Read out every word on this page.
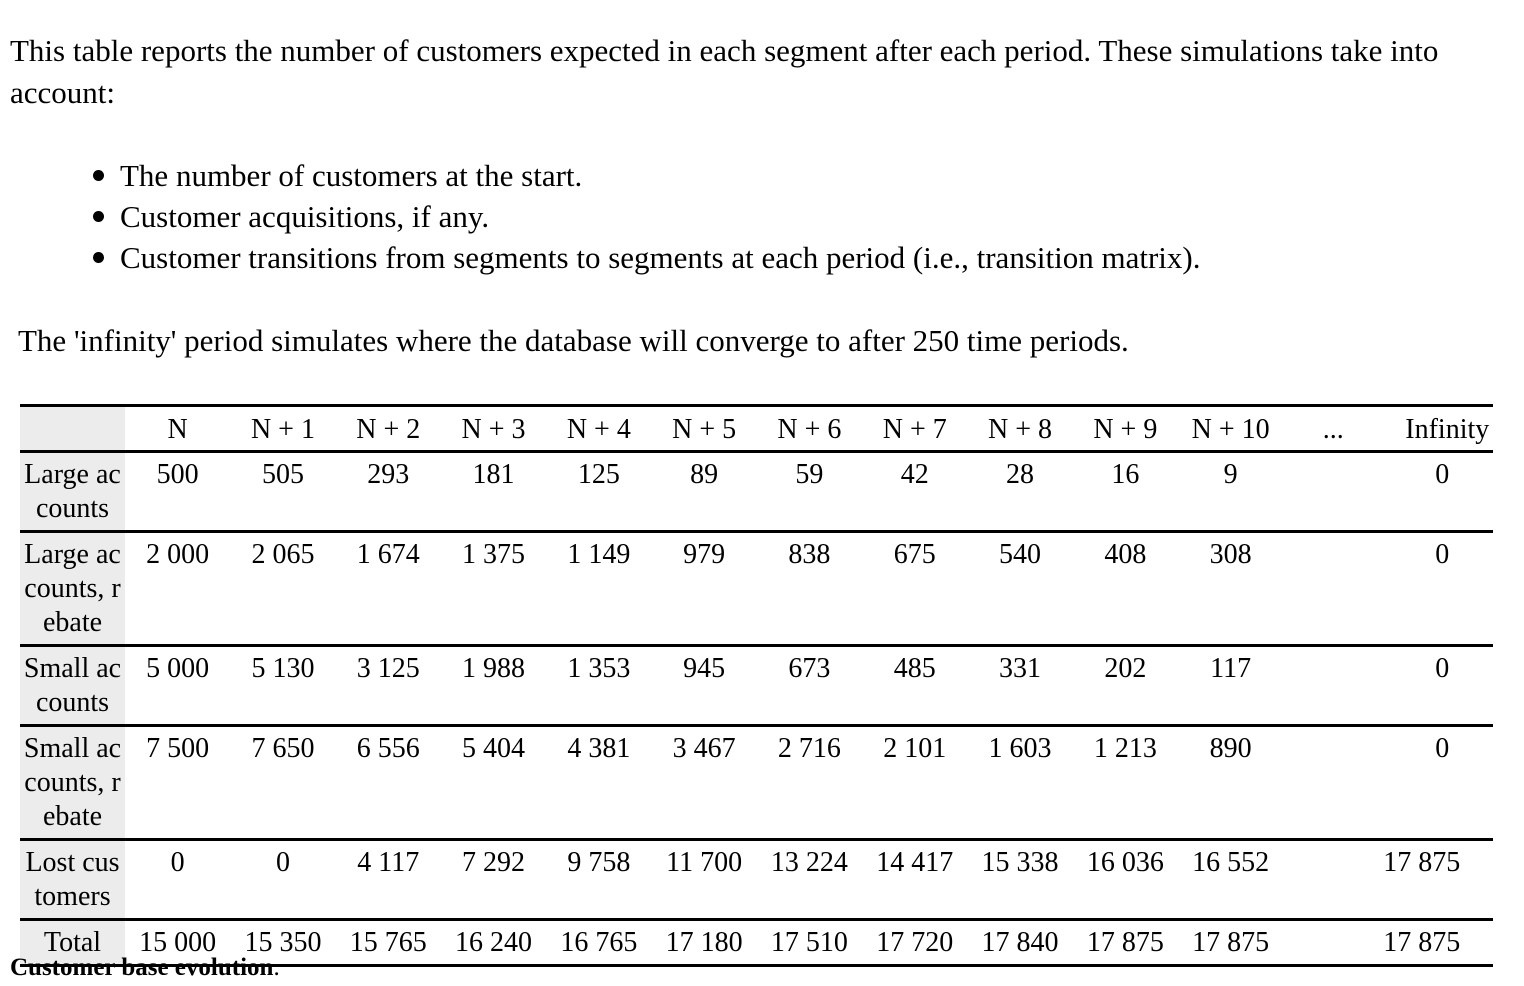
This table reports the number of customers expected in each segment after each period. These simulations take into account:

The number of customers at the start.
Customer acquisitions, if any.
Customer transitions from segments to segments at each period (i.e., transition matrix).

The 'infinity' period simulates where the database will converge to after 250 time periods.

	N	N + 1	N + 2	N + 3	N + 4	N + 5	N + 6	N + 7	N + 8	N + 9	N + 10	...	Infinity
Large accounts	500	505	293	181	125	89	59	42	28	16	9		0
Large accounts, rebate	2 000	2 065	1 674	1 375	1 149	979	838	675	540	408	308		0
Small accounts	5 000	5 130	3 125	1 988	1 353	945	673	485	331	202	117		0
Small accounts, rebate	7 500	7 650	6 556	5 404	4 381	3 467	2 716	2 101	1 603	1 213	890		0
Lost customers	0	0	4 117	7 292	9 758	11 700	13 224	14 417	15 338	16 036	16 552		17 875
Total	15 000	15 350	15 765	16 240	16 765	17 180	17 510	17 720	17 840	17 875	17 875		17 875

Customer base evolution.
